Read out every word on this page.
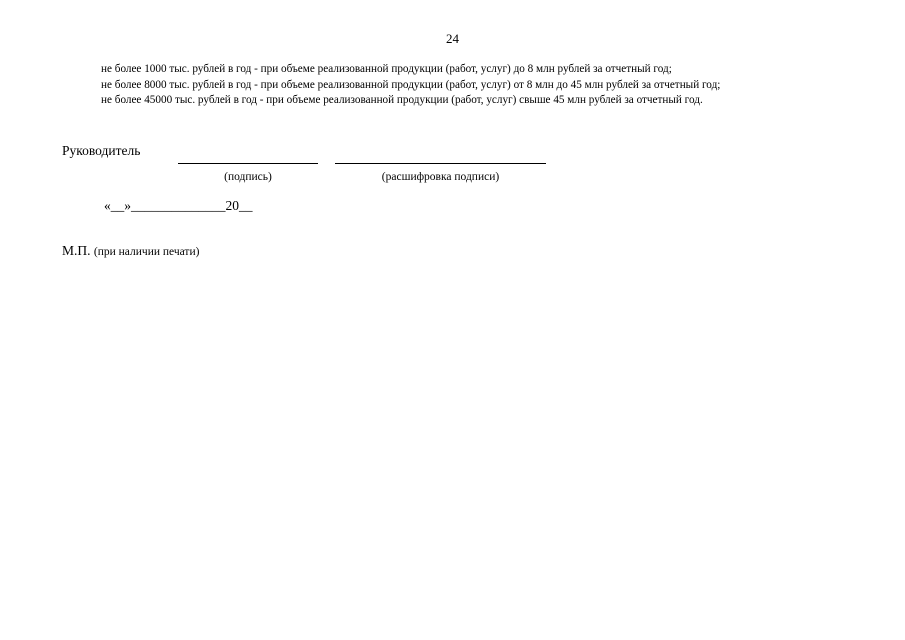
24
не более 1000 тыс. рублей в год - при объеме реализованной продукции (работ, услуг) до 8 млн рублей за отчетный год;
не более 8000 тыс. рублей в год - при объеме реализованной продукции (работ, услуг) от 8 млн до 45 млн рублей за отчетный год;
не более 45000 тыс. рублей в год - при объеме реализованной продукции (работ, услуг) свыше 45 млн рублей за отчетный год.
Руководитель
(подпись)	(расшифровка подписи)
«__»______________20__
М.П. (при наличии печати)
